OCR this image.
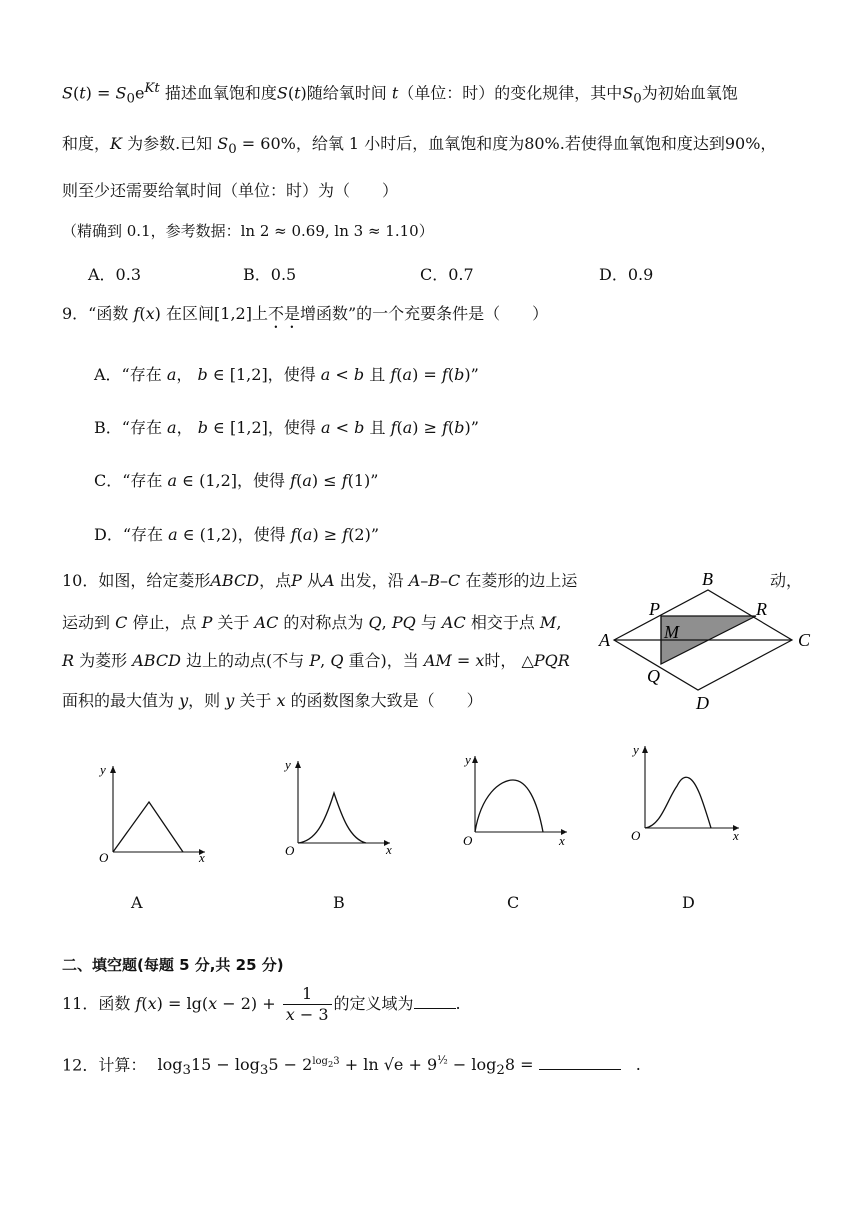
$S(t) = S_0e^{Kt}$ 描述血氧饱和度S(t)随给氧时间 t（单位：时）的变化规律，其中$S_0$为初始血氧饱
和度，K 为参数.已知 $S_0 = 60\%$，给氧 1 小时后，血氧饱和度为80%.若使得血氧饱和度达到90%，
则至少还需要给氧时间（单位：时）为（　　）
（精确到 0.1，参考数据：ln 2 ≈ 0.69, ln 3 ≈ 1.10）
A．0.3	B．0.5	C．0.7	D．0.9
9．“函数 f(x) 在区间[1,2]上不是增函数”的一个充要条件是（　　）
A．“存在 a， b ∈ [1,2]，使得 a < b 且 f(a) = f(b)”
B．“存在 a， b ∈ [1,2]，使得 a < b 且 f(a) ≥ f(b)”
C．“存在 a ∈ (1,2]，使得 f(a) ≤ f(1)”
D．“存在 a ∈ (1,2)，使得 f(a) ≥ f(2)”
10．如图，给定菱形ABCD，点P 从A 出发，沿 A–B–C 在菱形的边上运	动，
运动到 C 停止，点 P 关于 AC 的对称点为 Q, PQ 与 AC 相交于点 M,
R 为菱形 ABCD 边上的动点(不与 P, Q 重合)，当 AM = x时， △PQR
面积的最大值为 y，则 y 关于 x 的函数图象大致是（　　）
B
P	R
A	M	C
Q
D
y
O	x
A
y
O	x
B
y
O	x
C
y
O	x
D
二、填空题(每题 5 分,共 25 分)
11．函数 $f(x) = \lg(x - 2) + \frac{1}{x - 3}$ 的定义域为	.
12．计算： $\log_315 - \log_35 - 2^{log_23} + \ln √e + 9^{\frac{1}{2}} - \log_28$ =	.
